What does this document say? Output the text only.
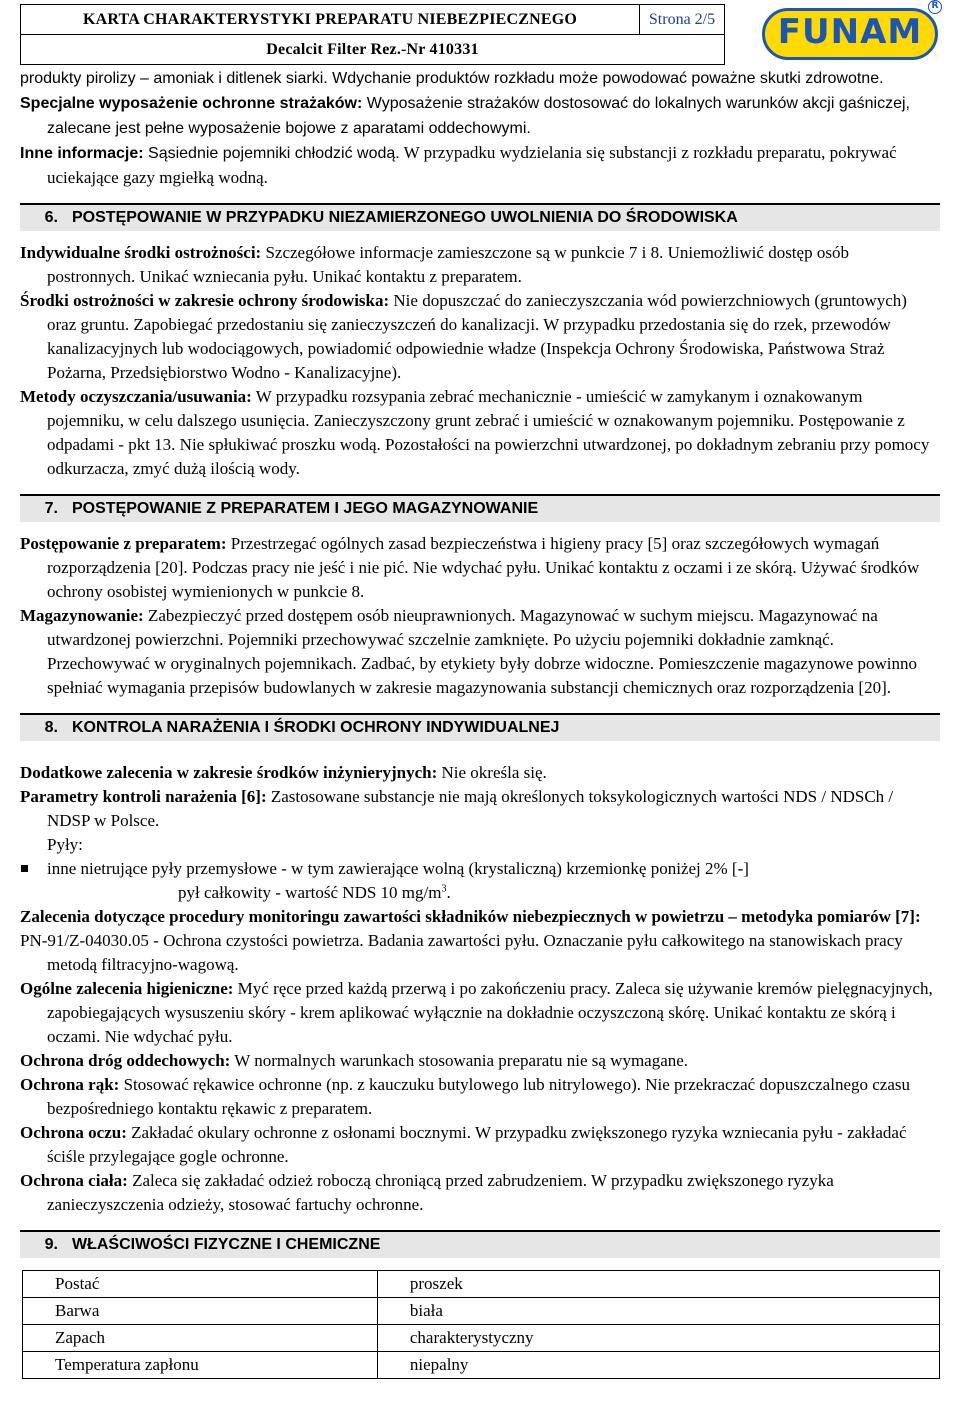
KARTA CHARAKTERYSTYKI PREPARATU NIEBEZPIECZNEGO	Strona 2/5
Decalcit Filter Rez.-Nr 410331	FUNAM
R

produkty pirolizy – amoniak i ditlenek siarki. Wdychanie produktów rozkładu może powodować poważne skutki zdrowotne.

Specjalne wyposażenie ochronne strażaków: Wyposażenie strażaków dostosować do lokalnych warunków akcji gaśniczej, zalecane jest pełne wyposażenie bojowe z aparatami oddechowymi.

Inne informacje: Sąsiednie pojemniki chłodzić wodą. W przypadku wydzielania się substancji z rozkładu preparatu, pokrywać uciekające gazy mgiełką wodną.

6. POSTĘPOWANIE W PRZYPADKU NIEZAMIERZONEGO UWOLNIENIA DO ŚRODOWISKA

Indywidualne środki ostrożności: Szczegółowe informacje zamieszczone są w punkcie 7 i 8. Uniemożliwić dostęp osób postronnych. Unikać wzniecania pyłu. Unikać kontaktu z preparatem.

Środki ostrożności w zakresie ochrony środowiska: Nie dopuszczać do zanieczyszczania wód powierzchniowych (gruntowych) oraz gruntu. Zapobiegać przedostaniu się zanieczyszczeń do kanalizacji. W przypadku przedostania się do rzek, przewodów kanalizacyjnych lub wodociągowych, powiadomić odpowiednie władze (Inspekcja Ochrony Środowiska, Państwowa Straż Pożarna, Przedsiębiorstwo Wodno - Kanalizacyjne).

Metody oczyszczania/usuwania: W przypadku rozsypania zebrać mechanicznie - umieścić w zamykanym i oznakowanym pojemniku, w celu dalszego usunięcia. Zanieczyszczony grunt zebrać i umieścić w oznakowanym pojemniku. Postępowanie z odpadami - pkt 13. Nie spłukiwać proszku wodą. Pozostałości na powierzchni utwardzonej, po dokładnym zebraniu przy pomocy odkurzacza, zmyć dużą ilością wody.

7. POSTĘPOWANIE Z PREPARATEM I JEGO MAGAZYNOWANIE

Postępowanie z preparatem: Przestrzegać ogólnych zasad bezpieczeństwa i higieny pracy [5] oraz szczegółowych wymagań rozporządzenia [20]. Podczas pracy nie jeść i nie pić. Nie wdychać pyłu. Unikać kontaktu z oczami i ze skórą. Używać środków ochrony osobistej wymienionych w punkcie 8.

Magazynowanie: Zabezpieczyć przed dostępem osób nieuprawnionych. Magazynować w suchym miejscu. Magazynować na utwardzonej powierzchni. Pojemniki przechowywać szczelnie zamknięte. Po użyciu pojemniki dokładnie zamknąć. Przechowywać w oryginalnych pojemnikach. Zadbać, by etykiety były dobrze widoczne. Pomieszczenie magazynowe powinno spełniać wymagania przepisów budowlanych w zakresie magazynowania substancji chemicznych oraz rozporządzenia [20].

8. KONTROLA NARAŻENIA I ŚRODKI OCHRONY INDYWIDUALNEJ

Dodatkowe zalecenia w zakresie środków inżynieryjnych: Nie określa się.

Parametry kontroli narażenia [6]: Zastosowane substancje nie mają określonych toksykologicznych wartości NDS / NDSCh / NDSP w Polsce.

Pyły:

inne nietrujące pyły przemysłowe - w tym zawierające wolną (krystaliczną) krzemionkę poniżej 2% [-]

pył całkowity - wartość NDS 10 $mg/m^3$.

Zalecenia dotyczące procedury monitoringu zawartości składników niebezpiecznych w powietrzu – metodyka pomiarów [7]:

PN-91/Z-04030.05 - Ochrona czystości powietrza. Badania zawartości pyłu. Oznaczanie pyłu całkowitego na stanowiskach pracy metodą filtracyjno-wagową.

Ogólne zalecenia higieniczne: Myć ręce przed każdą przerwą i po zakończeniu pracy. Zaleca się używanie kremów pielęgnacyjnych, zapobiegających wysuszeniu skóry - krem aplikować wyłącznie na dokładnie oczyszczoną skórę. Unikać kontaktu ze skórą i oczami. Nie wdychać pyłu.

Ochrona dróg oddechowych: W normalnych warunkach stosowania preparatu nie są wymagane.

Ochrona rąk: Stosować rękawice ochronne (np. z kauczuku butylowego lub nitrylowego). Nie przekraczać dopuszczalnego czasu bezpośredniego kontaktu rękawic z preparatem.

Ochrona oczu: Zakładać okulary ochronne z osłonami bocznymi. W przypadku zwiększonego ryzyka wzniecania pyłu - zakładać ściśle przylegające gogle ochronne.

Ochrona ciała: Zaleca się zakładać odzież roboczą chroniącą przed zabrudzeniem. W przypadku zwiększonego ryzyka zanieczyszczenia odzieży, stosować fartuchy ochronne.

9. WŁAŚCIWOŚCI FIZYCZNE I CHEMICZNE
Postać	proszek
Barwa	biała
Zapach	charakterystyczny
Temperatura zapłonu	niepalny
